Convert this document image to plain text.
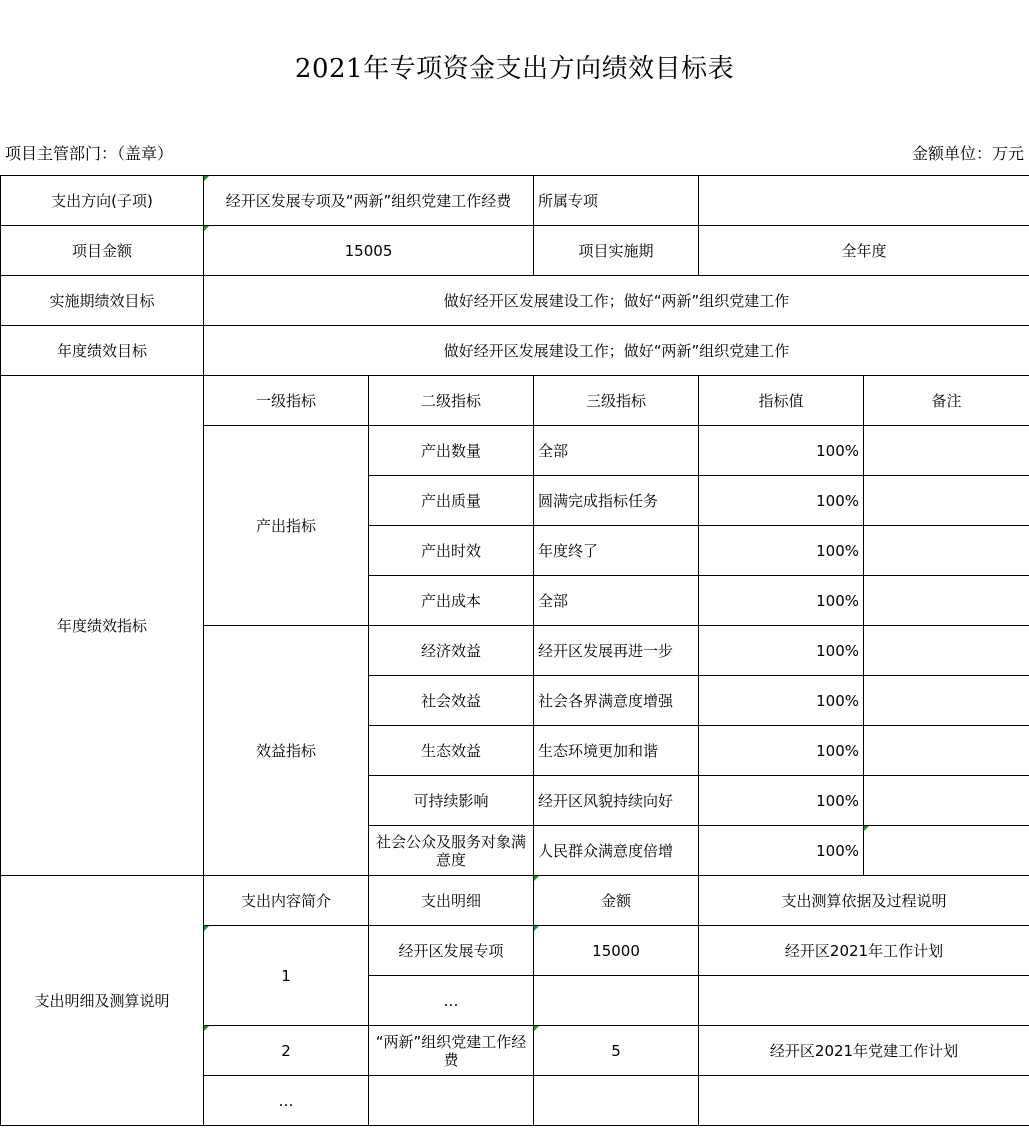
2021年专项资金支出方向绩效目标表
项目主管部门：（盖章）	金额单位：万元
支出方向(子项)	经开区发展专项及“两新”组织党建工作经费		所属专项		
项目金额	15005		项目实施期	全年度	
实施期绩效目标	做好经开区发展建设工作；做好“两新”组织党建工作				
年度绩效目标	做好经开区发展建设工作；做好“两新”组织党建工作				
年度绩效指标	一级指标	二级指标	三级指标	指标值	备注
	产出指标	产出数量	全部	100%	
		产出质量	圆满完成指标任务	100%	
		产出时效	年度终了	100%	
		产出成本	全部	100%	
	效益指标	经济效益	经开区发展再进一步	100%	
		社会效益	社会各界满意度增强	100%	
		生态效益	生态环境更加和谐	100%	
		可持续影响	经开区风貌持续向好	100%	
		社会公众及服务对象满意度	人民群众满意度倍增	100%	
支出明细及测算说明	支出内容简介	支出明细	金额	支出测算依据及过程说明	
	1	经开区发展专项	15000	经开区2021年工作计划	
		…			
	2	“两新”组织党建工作经费	5	经开区2021年党建工作计划	
	…				
